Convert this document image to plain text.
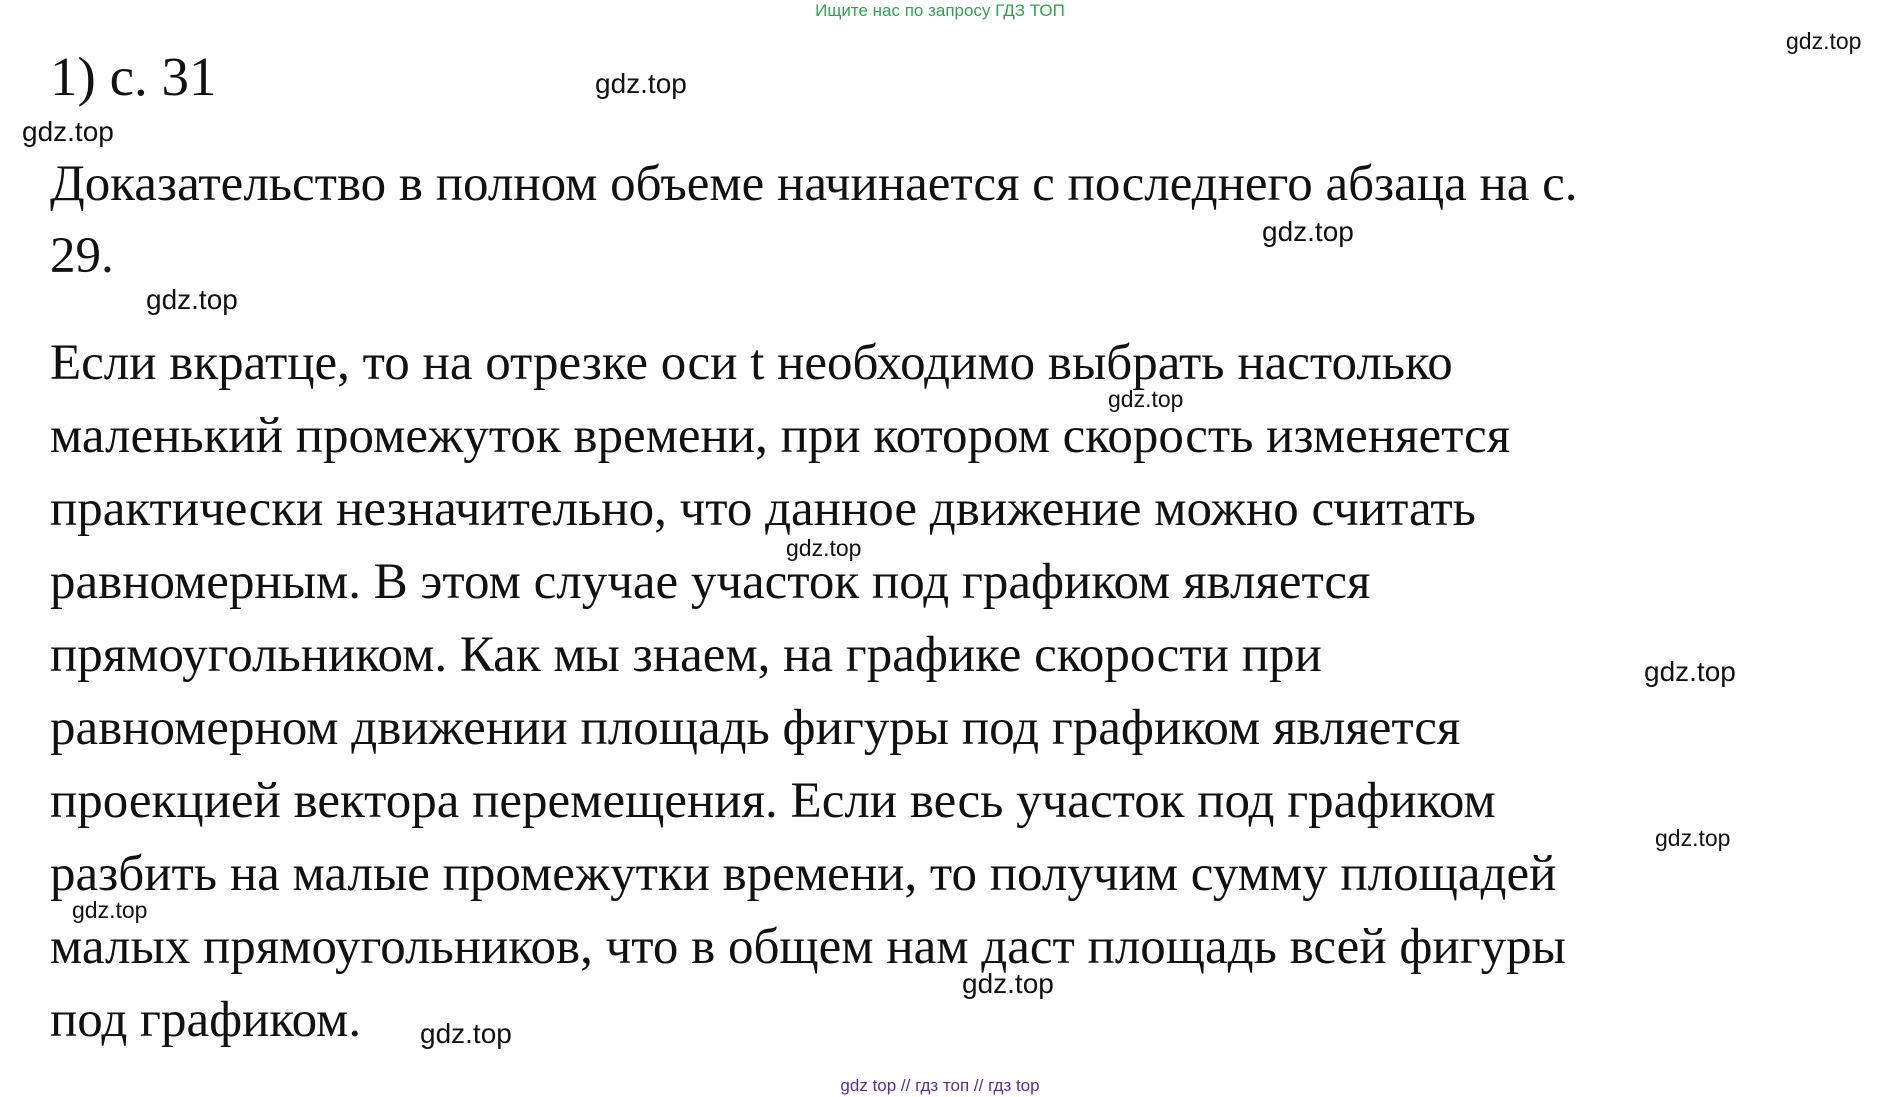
Ищите нас по запросу ГДЗ ТОП
1) с. 31
Доказательство в полном объеме начинается с последнего абзаца на с.
29.
Если вкратце, то на отрезке оси t необходимо выбрать настолько
маленький промежуток времени, при котором скорость изменяется
практически незначительно, что данное движение можно считать
равномерным. В этом случае участок под графиком является
прямоугольником. Как мы знаем, на графике скорости при
равномерном движении площадь фигуры под графиком является
проекцией вектора перемещения. Если весь участок под графиком
разбить на малые промежутки времени, то получим сумму площадей
малых прямоугольников, что в общем нам даст площадь всей фигуры
под графиком.
gdz.top
gdz.top
gdz.top
gdz.top
gdz.top
gdz.top
gdz.top
gdz.top
gdz.top
gdz.top
gdz.top
gdz.top
gdz top // гдз топ // гдз top
